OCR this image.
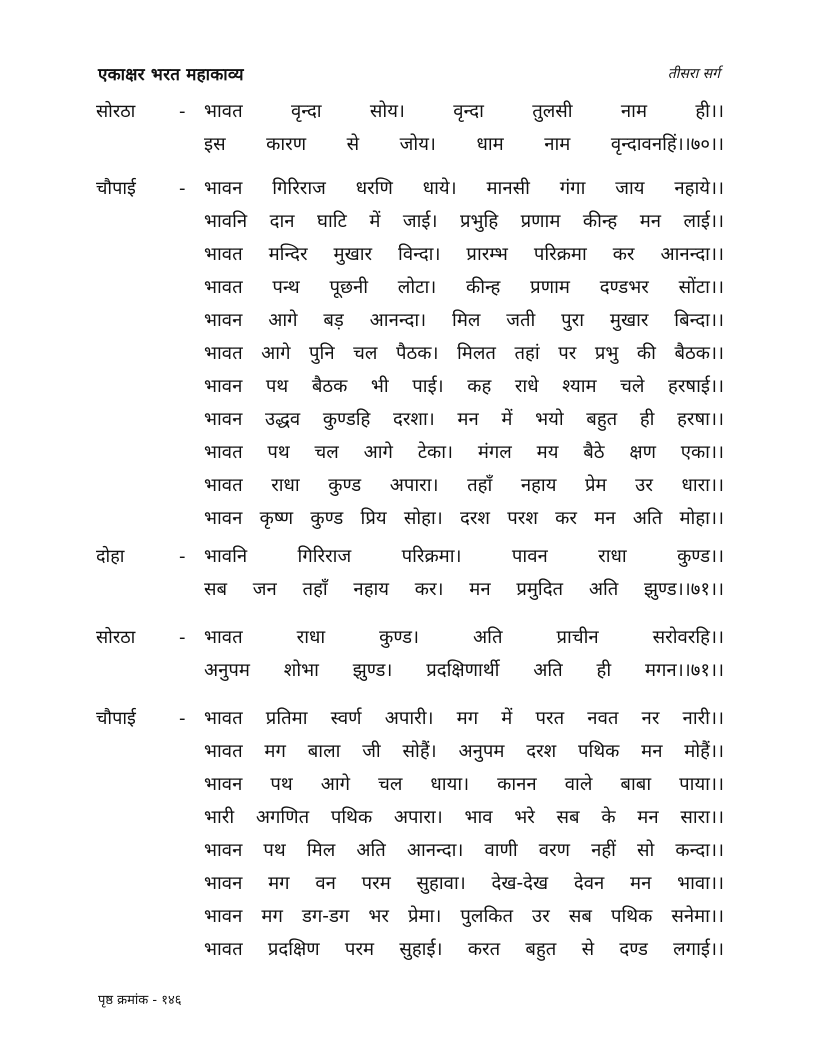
एकाक्षर भरत महाकाव्य	तीसरा सर्ग
सोरठा - भावत वृन्दा सोय। वृन्दा तुलसी नाम ही।।
इस कारण से जोय। धाम नाम वृन्दावनहिं।।७०।।
चौपाई - भावन गिरिराज धरणि धाये। मानसी गंगा जाय नहाये।।
भावनि दान घाटि में जाई। प्रभुहि प्रणाम कीन्ह मन लाई।।
भावत मन्दिर मुखार विन्दा। प्रारम्भ परिक्रमा कर आनन्दा।।
भावत पन्थ पूछनी लोटा। कीन्ह प्रणाम दण्डभर सोंटा।।
भावन आगे बड़ आनन्दा। मिल जती पुरा मुखार बिन्दा।।
भावत आगे पुनि चल पैठक। मिलत तहां पर प्रभु की बैठक।।
भावन पथ बैठक भी पाई। कह राधे श्याम चले हरषाई।।
भावन उद्धव कुण्डहि दरशा। मन में भयो बहुत ही हरषा।।
भावत पथ चल आगे टेका। मंगल मय बैठे क्षण एका।।
भावत राधा कुण्ड अपारा। तहाँ नहाय प्रेम उर धारा।।
भावन कृष्ण कुण्ड प्रिय सोहा। दरश परश कर मन अति मोहा।।
दोहा	- भावनि गिरिराज परिक्रमा। पावन राधा कुण्ड।।
सब जन तहाँ नहाय कर। मन प्रमुदित अति झुण्ड।।७१।।
सोरठा - भावत राधा कुण्ड। अति प्राचीन सरोवरहि।।
अनुपम शोभा झुण्ड। प्रदक्षिणार्थी अति ही मगन।।७१।।
चौपाई - भावत प्रतिमा स्वर्ण अपारी। मग में परत नवत नर नारी।।
भावत मग बाला जी सोहैं। अनुपम दरश पथिक मन मोहैं।।
भावन पथ आगे चल धाया। कानन वाले बाबा पाया।।
भारी अगणित पथिक अपारा। भाव भरे सब के मन सारा।।
भावन पथ मिल अति आनन्दा। वाणी वरण नहीं सो कन्दा।।
भावन मग वन परम सुहावा। देख-देख देवन मन भावा।।
भावन मग डग-डग भर प्रेमा। पुलकित उर सब पथिक सनेमा।।
भावत प्रदक्षिण परम सुहाई। करत बहुत से दण्ड लगाई।।
पृष्ठ क्रमांक - १४६
